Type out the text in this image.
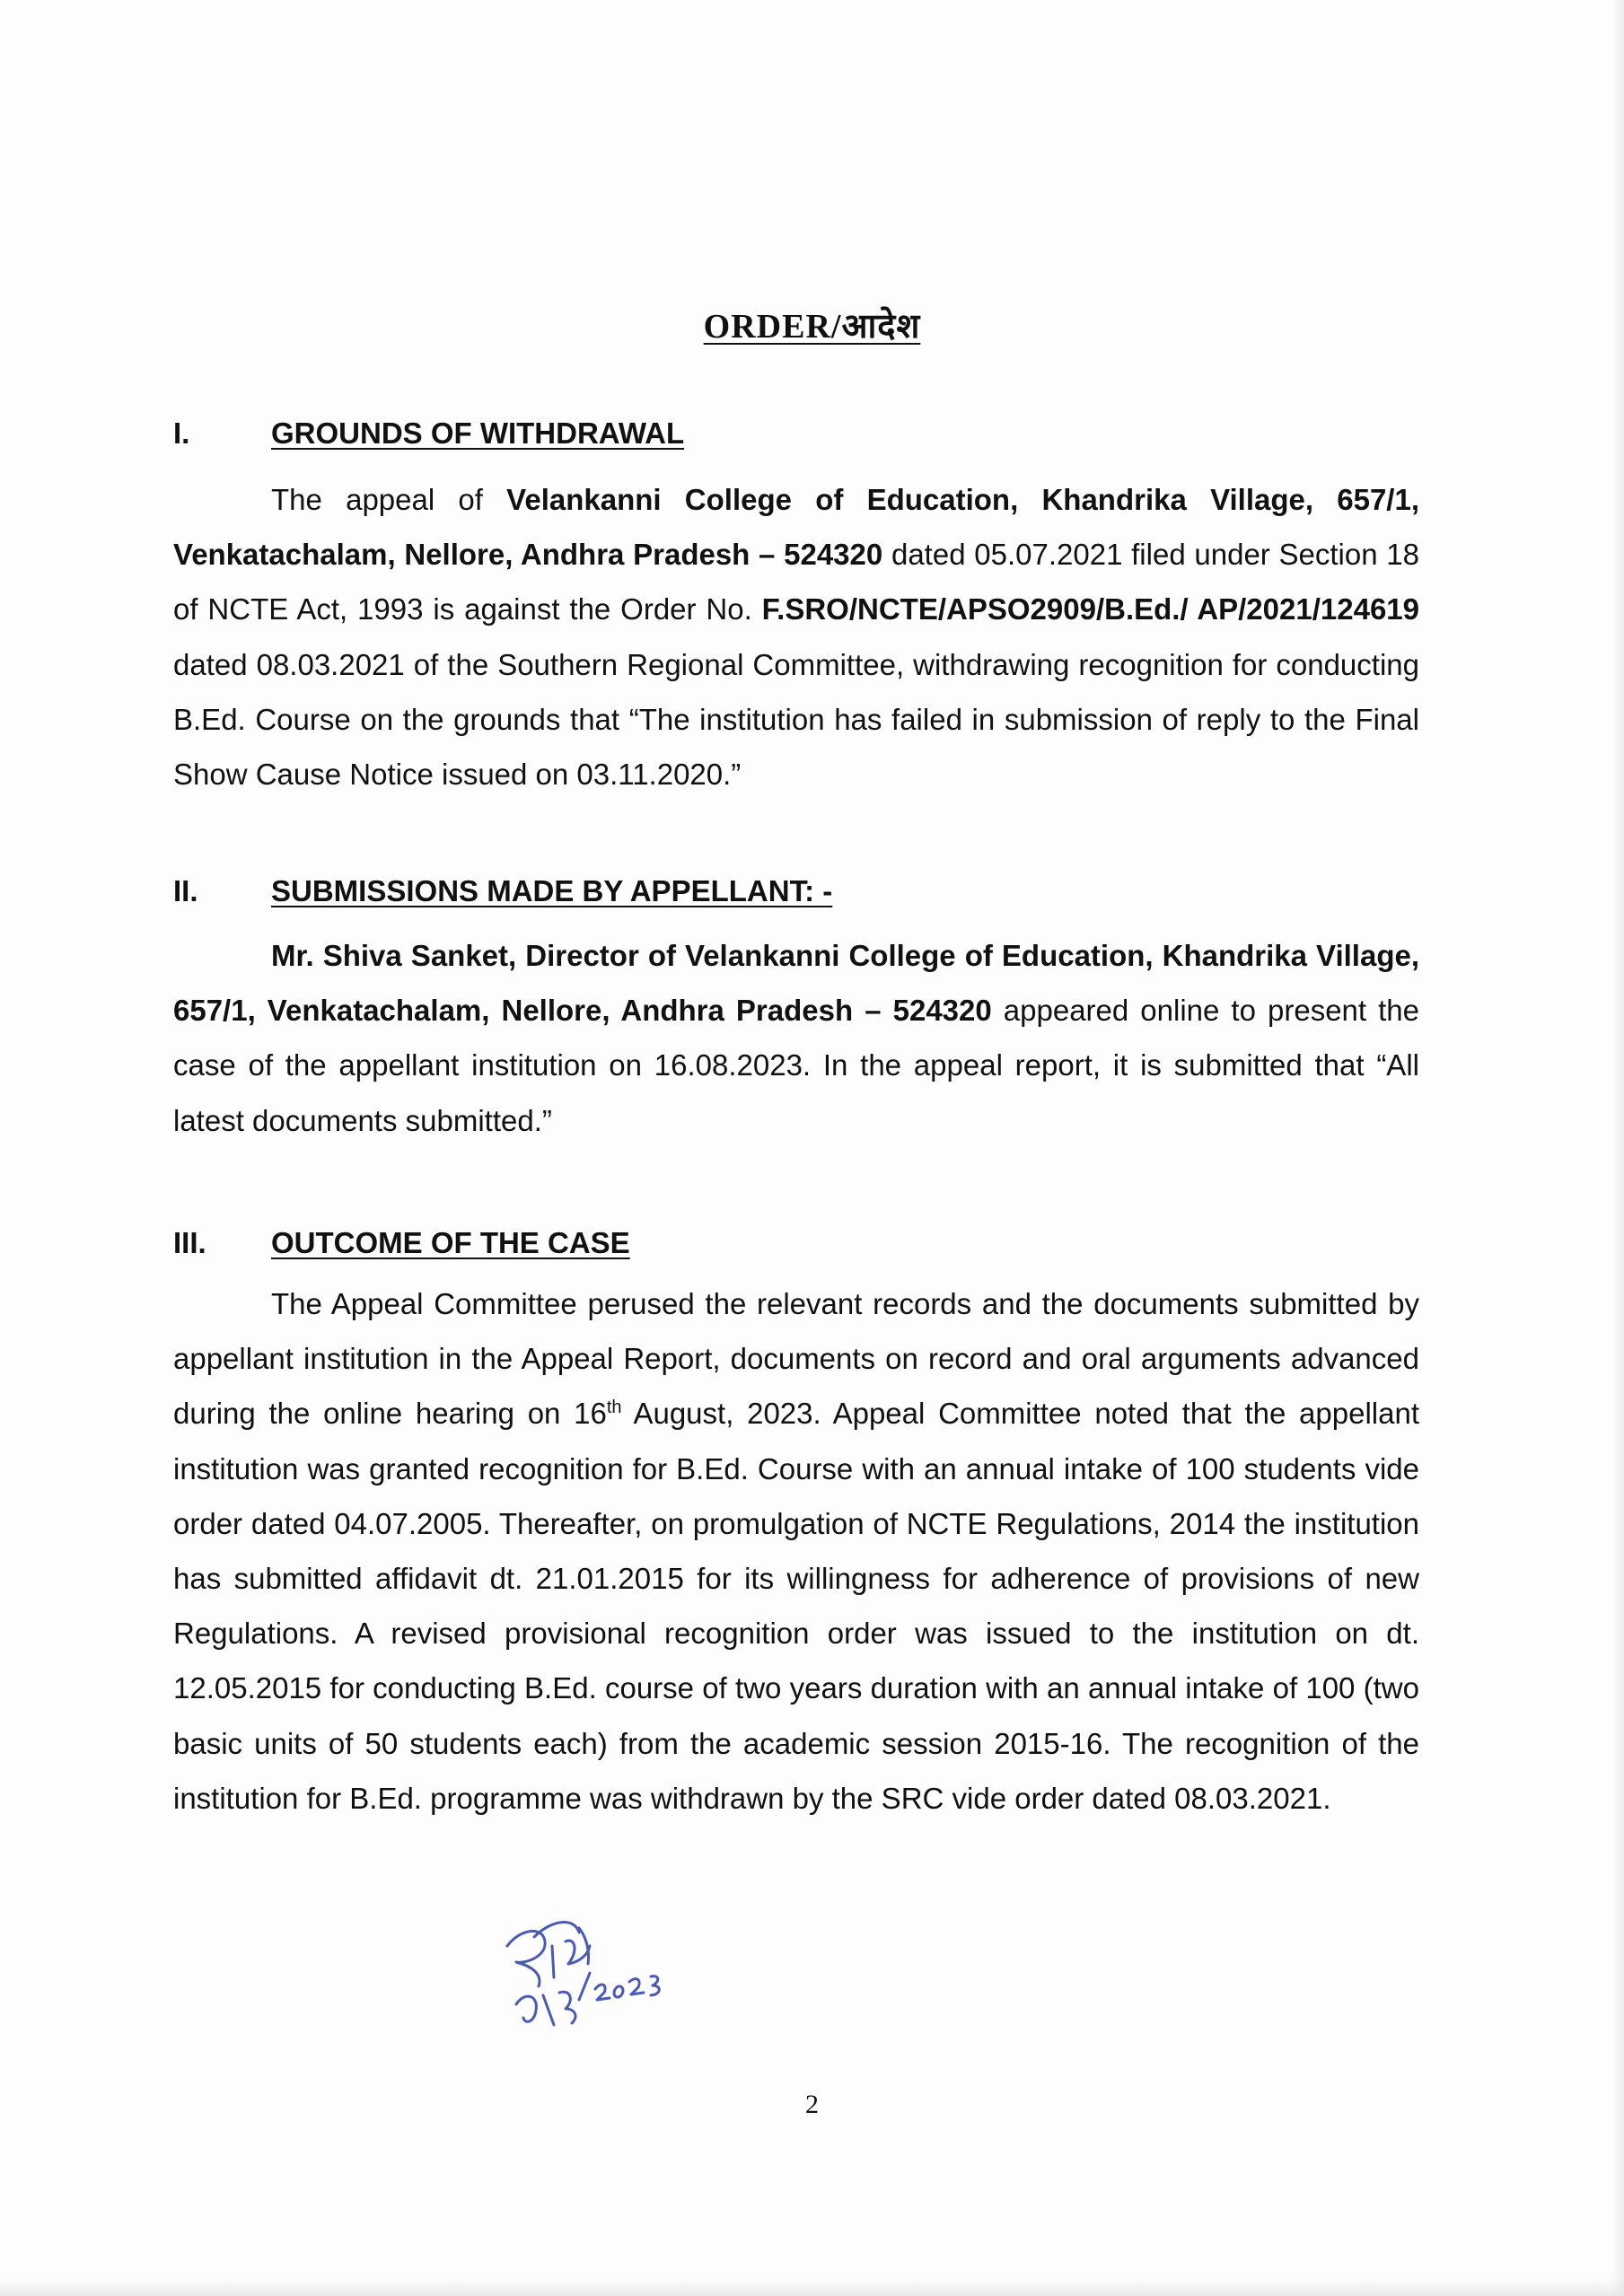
ORDER/आदेश
I.	GROUNDS OF WITHDRAWAL

The appeal of Velankanni College of Education, Khandrika Village, 657/1, Venkatachalam, Nellore, Andhra Pradesh – 524320 dated 05.07.2021 filed under Section 18 of NCTE Act, 1993 is against the Order No. F.SRO/NCTE/APSO2909/B.Ed./ AP/2021/124619 dated 08.03.2021 of the Southern Regional Committee, withdrawing recognition for conducting B.Ed. Course on the grounds that “The institution has failed in submission of reply to the Final Show Cause Notice issued on 03.11.2020.”

II. SUBMISSIONS MADE BY APPELLANT: -

Mr. Shiva Sanket, Director of Velankanni College of Education, Khandrika Village, 657/1, Venkatachalam, Nellore, Andhra Pradesh – 524320 appeared online to present the case of the appellant institution on 16.08.2023. In the appeal report, it is submitted that “All latest documents submitted.”

III. OUTCOME OF THE CASE

The Appeal Committee perused the relevant records and the documents submitted by appellant institution in the Appeal Report, documents on record and oral arguments advanced during the online hearing on 16th August, 2023. Appeal Committee noted that the appellant institution was granted recognition for B.Ed. Course with an annual intake of 100 students vide order dated 04.07.2005. Thereafter, on promulgation of NCTE Regulations, 2014 the institution has submitted affidavit dt. 21.01.2015 for its willingness for adherence of provisions of new Regulations. A revised provisional recognition order was issued to the institution on dt. 12.05.2015 for conducting B.Ed. course of two years duration with an annual intake of 100 (two basic units of 50 students each) from the academic session 2015-16. The recognition of the institution for B.Ed. programme was withdrawn by the SRC vide order dated 08.03.2021.

2
